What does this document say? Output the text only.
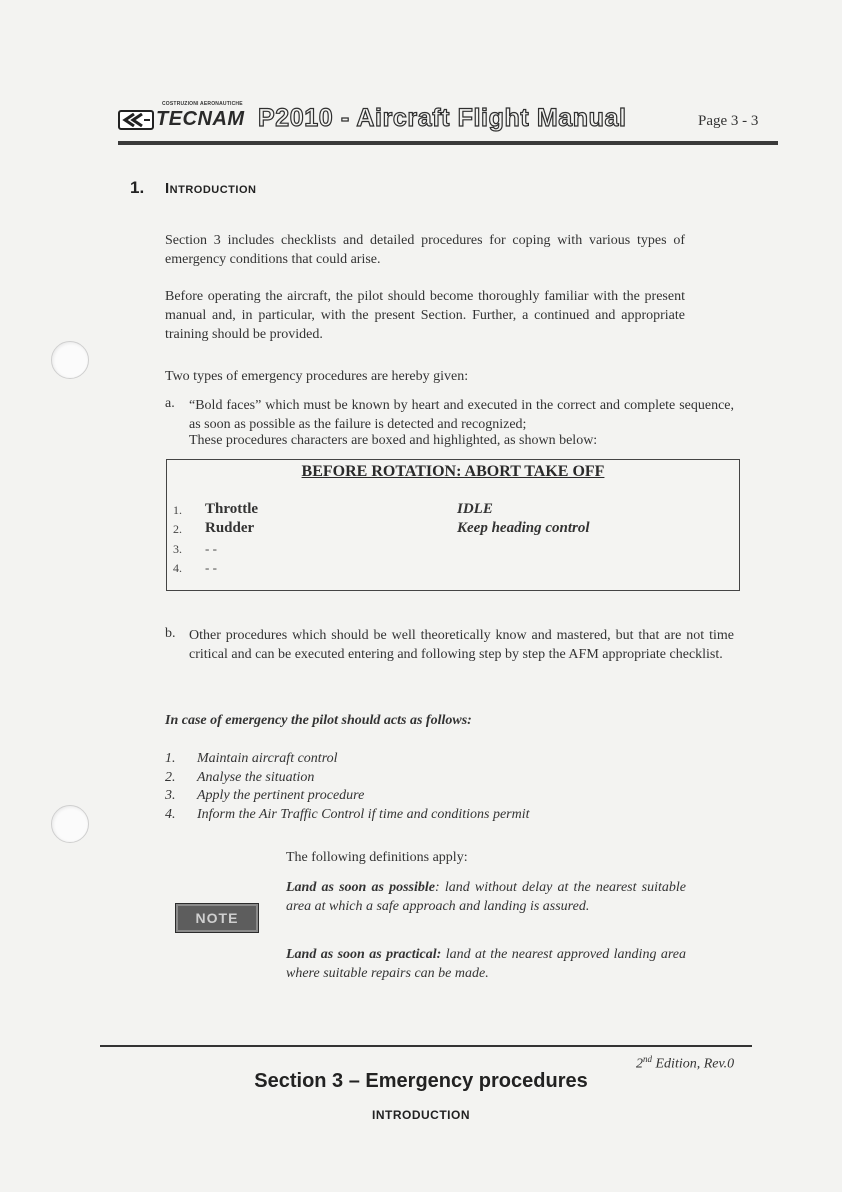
COSTRUZIONI AERONAUTICHE
TECNAM P2010 - Aircraft Flight Manual	Page 3 - 3
1. Introduction
Section 3 includes checklists and detailed procedures for coping with various types of emergency conditions that could arise.
Before operating the aircraft, the pilot should become thoroughly familiar with the present manual and, in particular, with the present Section. Further, a continued and appropriate training should be provided.
Two types of emergency procedures are hereby given:
a. “Bold faces” which must be known by heart and executed in the correct and complete sequence, as soon as possible as the failure is detected and recognized;
These procedures characters are boxed and highlighted, as shown below:
BEFORE ROTATION: ABORT TAKE OFF
1. Throttle	IDLE
2. Rudder	Keep heading control
3. - -
4. - -
b. Other procedures which should be well theoretically know and mastered, but that are not time critical and can be executed entering and following step by step the AFM appropriate checklist.
In case of emergency the pilot should acts as follows:
1. Maintain aircraft control
2. Analyse the situation
3. Apply the pertinent procedure
4. Inform the Air Traffic Control if time and conditions permit
The following definitions apply:
NOTE
Land as soon as possible: land without delay at the nearest suitable area at which a safe approach and landing is assured.
Land as soon as practical: land at the nearest approved landing area where suitable repairs can be made.
2nd Edition, Rev.0
Section 3 – Emergency procedures
INTRODUCTION
